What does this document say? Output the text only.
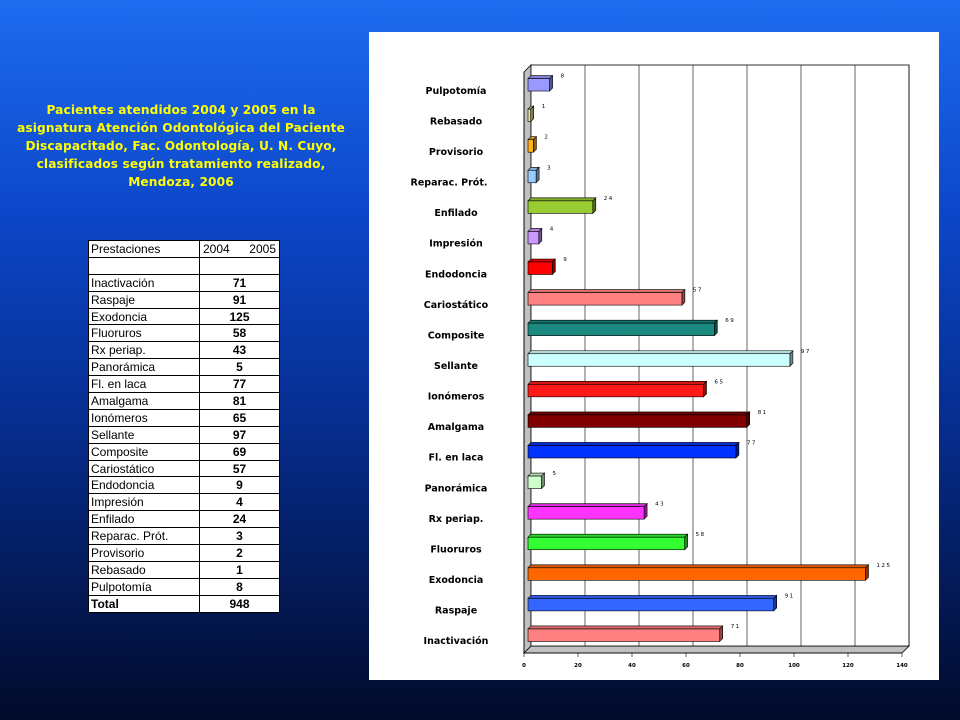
Pacientes atendidos 2004 y 2005 en la asignatura Atención Odontológica del Paciente Discapacitado, Fac. Odontología, U. N. Cuyo, clasificados según tratamiento realizado, Mendoza, 2006

Prestaciones	2004 2005

Inactivación	71
Raspaje	91
Exodoncia	125
Fluoruros	58
Rx periap.	43
Panorámica	5
Fl. en laca	77
Amalgama	81
Ionómeros	65
Sellante	97
Composite	69
Cariostático	57
Endodoncia	9
Impresión	4
Enfilado	24
Reparac. Prót.	3
Provisorio	2
Rebasado	1
Pulpotomía	8
Total	948
0	20	40	60	80	100	120	140
8
Pulpotomía
1
Rebasado
2
Provisorio
3
Reparac. Prót.
24
Enfilado
4
Impresión
9
Endodoncia
57
Cariostático
69
Composite
97
Sellante
65
Ionómeros
81
Amalgama
77
Fl. en laca
5
Panorámica
43
Rx periap.
58
Fluoruros
125
Exodoncia
91
Raspaje
71
Inactivación
